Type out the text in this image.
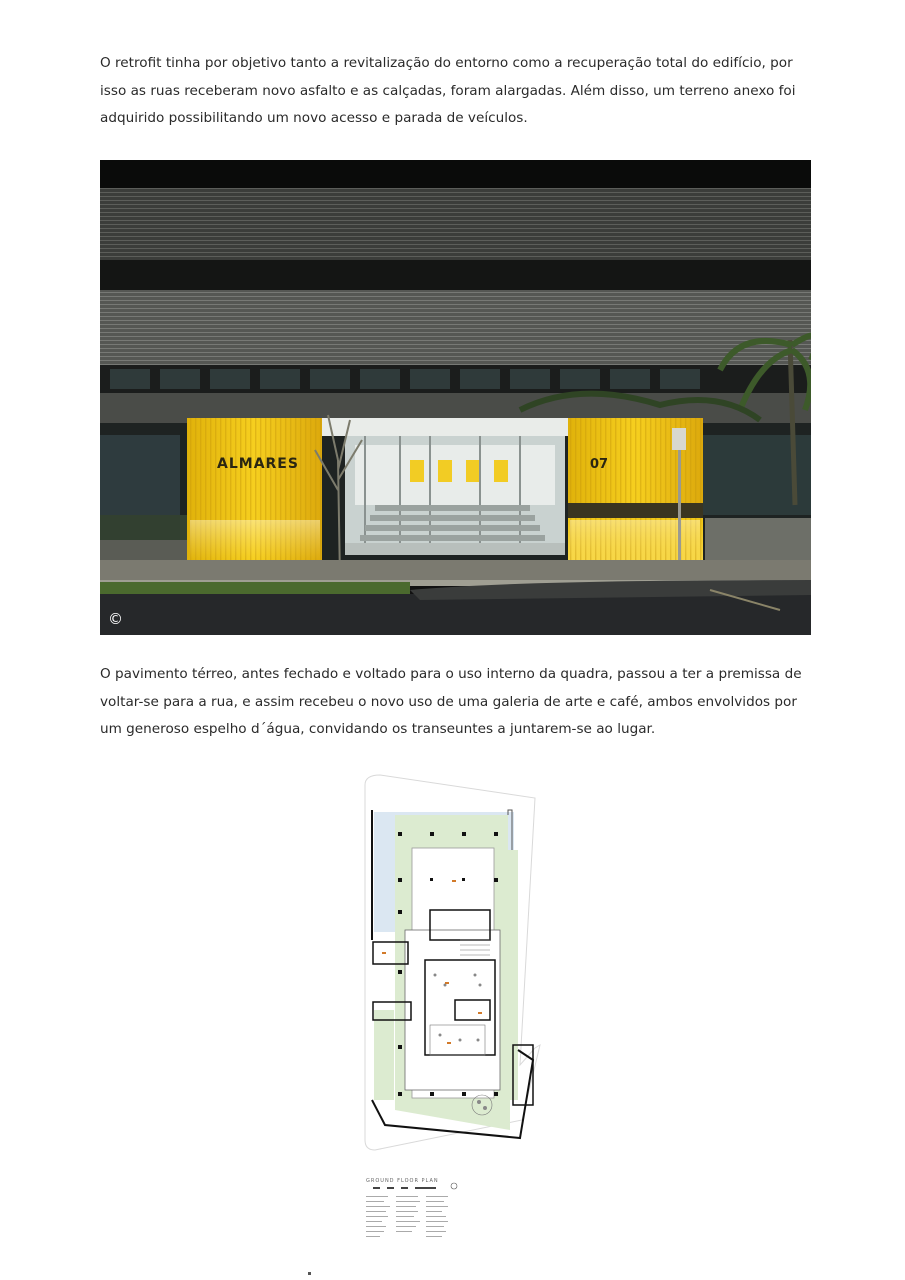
O retrofit tinha por objetivo tanto a revitalização do entorno como a recuperação total do edifício, por isso as ruas receberam novo asfalto e as calçadas, foram alargadas. Além disso, um terreno anexo foi adquirido possibilitando um novo acesso e parada de veículos.

ALMARES	07
©

O pavimento térreo, antes fechado e voltado para o uso interno da quadra, passou a ter a premissa de voltar-se para a rua, e assim recebeu o novo uso de uma galeria de arte e café, ambos envolvidos por um generoso espelho d´água, convidando os transeuntes a juntarem-se ao lugar.

GROUND FLOOR PLAN
